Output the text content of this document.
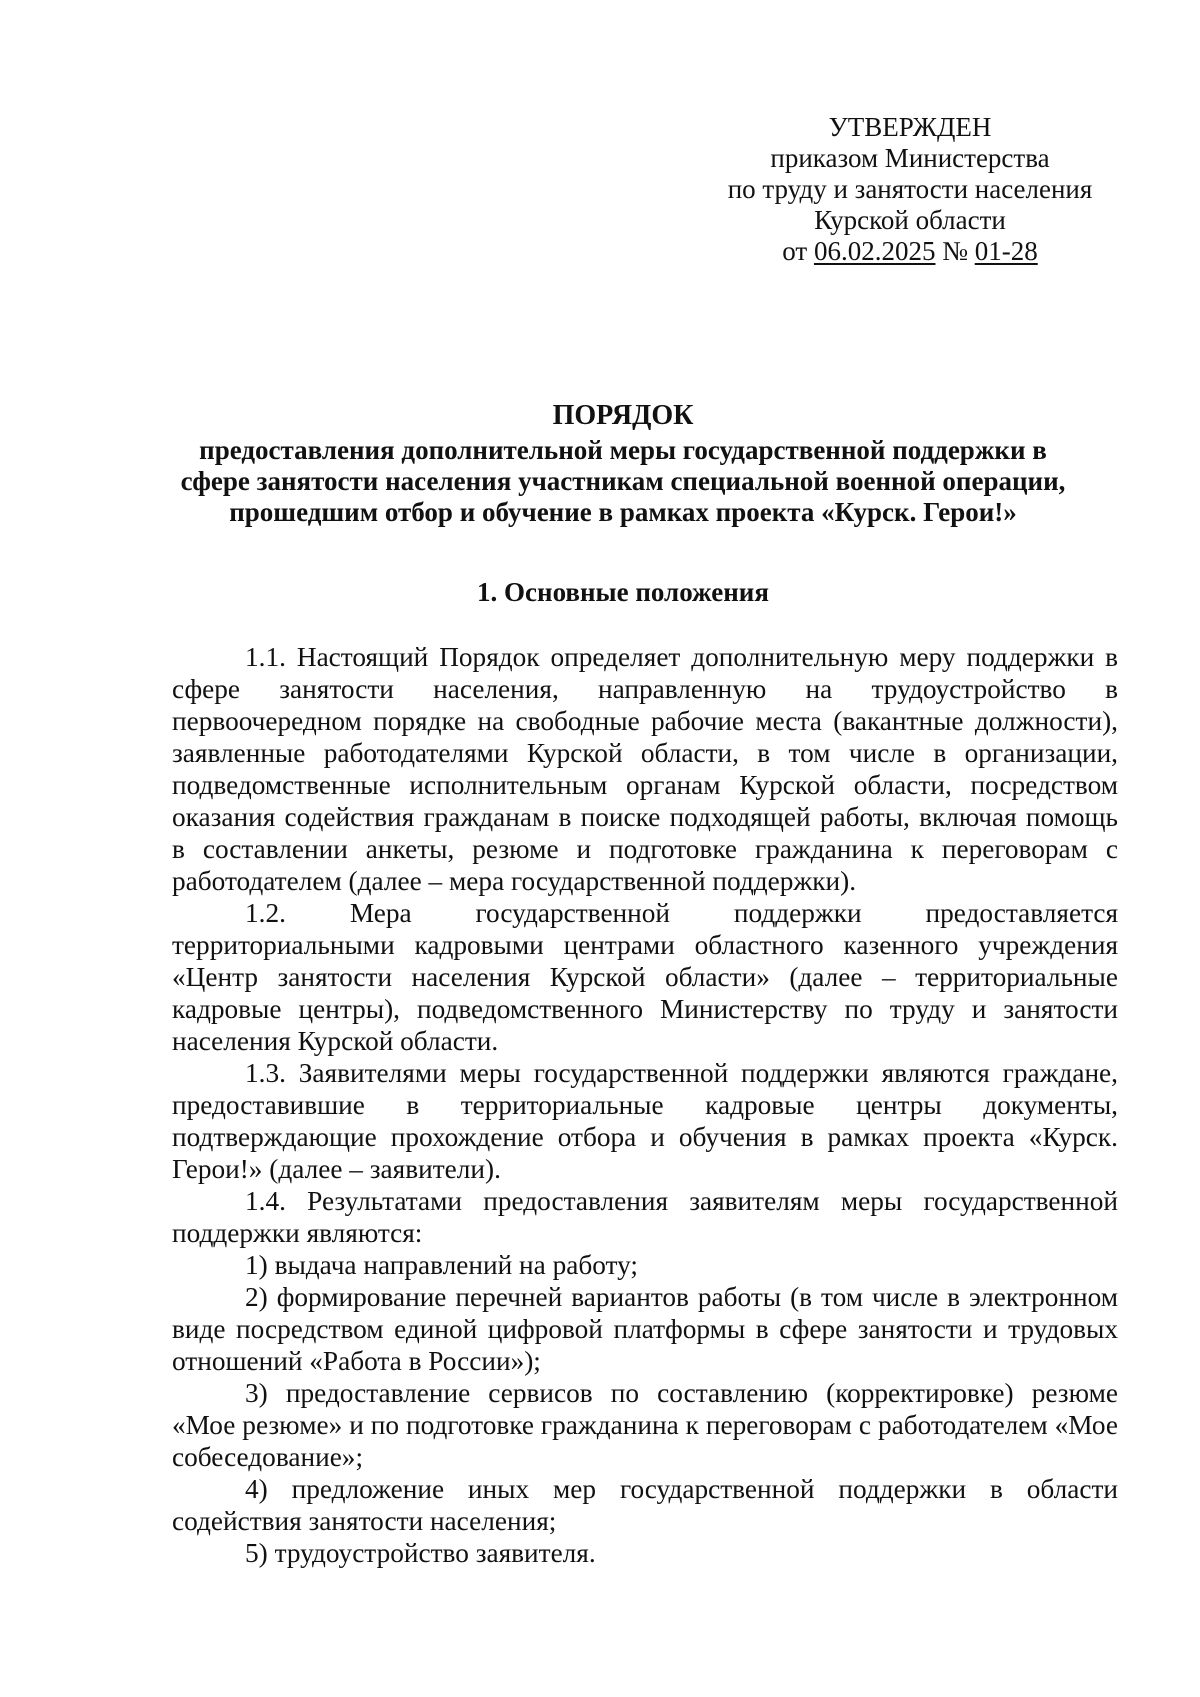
УТВЕРЖДЕН
приказом Министерства
по труду и занятости населения
Курской области
от 06.02.2025 № 01-28
ПОРЯДОК
предоставления дополнительной меры государственной поддержки в
сфере занятости населения участникам специальной военной операции,
прошедшим отбор и обучение в рамках проекта «Курск. Герои!»
1. Основные положения

1.1. Настоящий Порядок определяет дополнительную меру поддержки в сфере занятости населения, направленную на трудоустройство в первоочередном порядке на свободные рабочие места (вакантные должности), заявленные работодателями Курской области, в том числе в организации, подведомственные исполнительным органам Курской области, посредством оказания содействия гражданам в поиске подходящей работы, включая помощь в составлении анкеты, резюме и подготовке гражданина к переговорам с работодателем (далее – мера государственной поддержки).

1.2. Мера государственной поддержки предоставляется территориальными кадровыми центрами областного казенного учреждения «Центр занятости населения Курской области» (далее – территориальные кадровые центры), подведомственного Министерству по труду и занятости населения Курской области.

1.3. Заявителями меры государственной поддержки являются граждане, предоставившие в территориальные кадровые центры документы, подтверждающие прохождение отбора и обучения в рамках проекта «Курск. Герои!» (далее – заявители).

1.4. Результатами предоставления заявителям меры государственной поддержки являются:

1) выдача направлений на работу;

2) формирование перечней вариантов работы (в том числе в электронном виде посредством единой цифровой платформы в сфере занятости и трудовых отношений «Работа в России»);

3) предоставление сервисов по составлению (корректировке) резюме «Мое резюме» и по подготовке гражданина к переговорам с работодателем «Мое собеседование»;

4) предложение иных мер государственной поддержки в области содействия занятости населения;

5) трудоустройство заявителя.
